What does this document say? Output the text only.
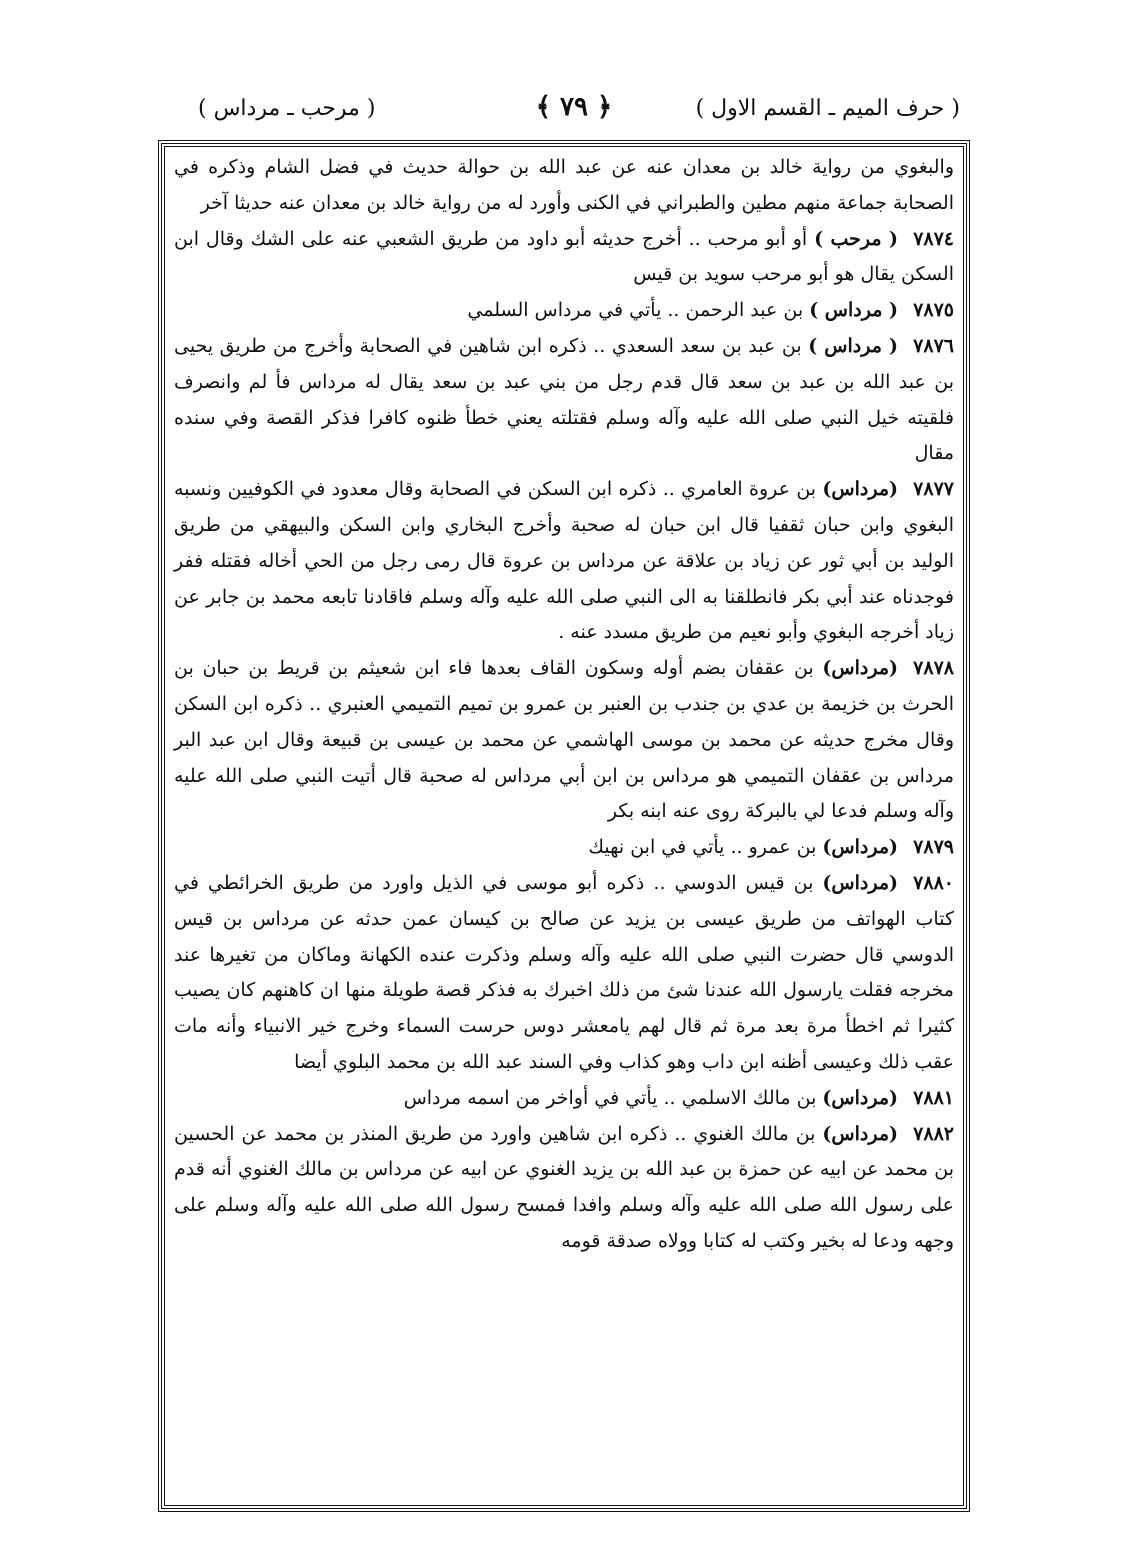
( حرف الميم ـ القسم الاول )
﴿ ٧٩ ﴾
( مرحب ـ مرداس )

والبغوي من رواية خالد بن معدان عنه عن عبد الله بن حوالة حديث في فضل الشام وذكره في الصحابة جماعة منهم مطين والطبراني في الكنى وأورد له من رواية خالد بن معدان عنه حديثا آخر

٧٨٧٤( مرحب ) أو أبو مرحب .. أخرج حديثه أبو داود من طريق الشعبي عنه على الشك وقال ابن السكن يقال هو أبو مرحب سويد بن قيس

٧٨٧٥( مرداس ) بن عبد الرحمن .. يأتي في مرداس السلمي

٧٨٧٦( مرداس ) بن عبد بن سعد السعدي .. ذكره ابن شاهين في الصحابة وأخرج من طريق يحيى بن عبد الله بن عبد بن سعد قال قدم رجل من بني عبد بن سعد يقال له مرداس فأ لم وانصرف فلقيته خيل النبي صلى الله عليه وآله وسلم فقتلته يعني خطأ ظنوه كافرا فذكر القصة وفي سنده مقال

٧٨٧٧(مرداس) بن عروة العامري .. ذكره ابن السكن في الصحابة وقال معدود في الكوفيين ونسبه البغوي وابن حبان ثقفيا قال ابن حبان له صحبة وأخرج البخاري وابن السكن والبيهقي من طريق الوليد بن أبي ثور عن زياد بن علاقة عن مرداس بن عروة قال رمى رجل من الحي أخاله فقتله ففر فوجدناه عند أبي بكر فانطلقنا به الى النبي صلى الله عليه وآله وسلم فاقادنا تابعه محمد بن جابر عن زياد أخرجه البغوي وأبو نعيم من طريق مسدد عنه .

٧٨٧٨(مرداس) بن عقفان بضم أوله وسكون القاف بعدها فاء ابن شعيثم بن قريط بن حبان بن الحرث بن خزيمة بن عدي بن جندب بن العنبر بن عمرو بن تميم التميمي العنبري .. ذكره ابن السكن وقال مخرج حديثه عن محمد بن موسى الهاشمي عن محمد بن عيسى بن قبيعة وقال ابن عبد البر مرداس بن عقفان التميمي هو مرداس بن ابن أبي مرداس له صحبة قال أتيت النبي صلى الله عليه وآله وسلم فدعا لي بالبركة روى عنه ابنه بكر

٧٨٧٩(مرداس) بن عمرو .. يأتي في ابن نهيك

٧٨٨٠(مرداس) بن قيس الدوسي .. ذكره أبو موسى في الذيل واورد من طريق الخرائطي في كتاب الهواتف من طريق عيسى بن يزيد عن صالح بن كيسان عمن حدثه عن مرداس بن قيس الدوسي قال حضرت النبي صلى الله عليه وآله وسلم وذكرت عنده الكهانة وماكان من تغيرها عند مخرجه فقلت يارسول الله عندنا شئ من ذلك اخبرك به فذكر قصة طويلة منها ان كاهنهم كان يصيب كثيرا ثم اخطأ مرة بعد مرة ثم قال لهم يامعشر دوس حرست السماء وخرج خير الانبياء وأنه مات عقب ذلك وعيسى أظنه ابن داب وهو كذاب وفي السند عبد الله بن محمد البلوي أيضا

٧٨٨١(مرداس) بن مالك الاسلمي .. يأتي في أواخر من اسمه مرداس

٧٨٨٢(مرداس) بن مالك الغنوي .. ذكره ابن شاهين واورد من طريق المنذر بن محمد عن الحسين بن محمد عن ابيه عن حمزة بن عبد الله بن يزيد الغنوي عن ابيه عن مرداس بن مالك الغنوي أنه قدم على رسول الله صلى الله عليه وآله وسلم وافدا فمسح رسول الله صلى الله عليه وآله وسلم على وجهه ودعا له بخير وكتب له كتابا وولاه صدقة قومه
